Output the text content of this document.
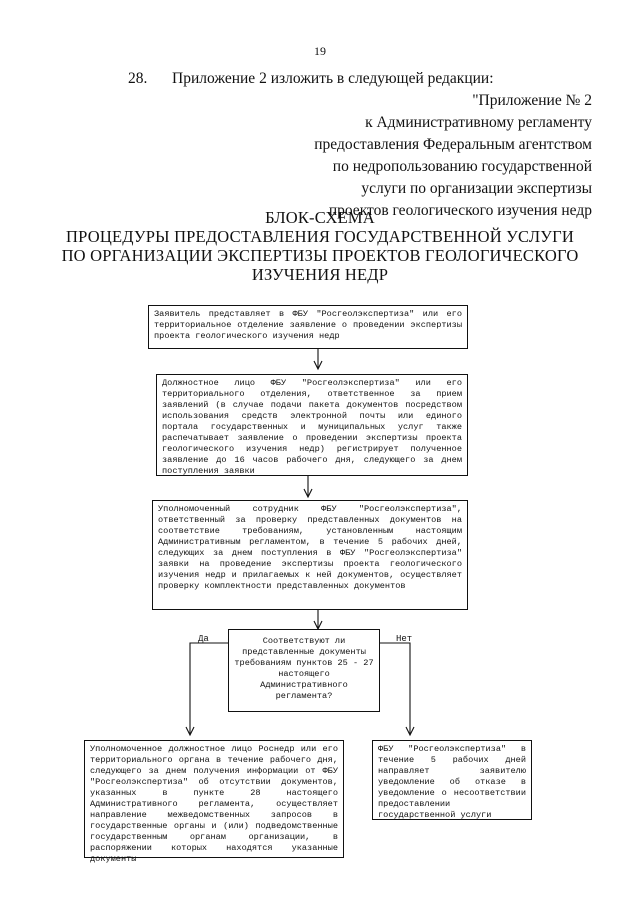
19
28. Приложение 2 изложить в следующей редакции:
"Приложение № 2
к Административному регламенту
предоставления Федеральным агентством
по недропользованию государственной
услуги по организации экспертизы
проектов геологического изучения недр
БЛОК-СХЕМА
ПРОЦЕДУРЫ ПРЕДОСТАВЛЕНИЯ ГОСУДАРСТВЕННОЙ УСЛУГИ
ПО ОРГАНИЗАЦИИ ЭКСПЕРТИЗЫ ПРОЕКТОВ ГЕОЛОГИЧЕСКОГО
ИЗУЧЕНИЯ НЕДР
Заявитель представляет в ФБУ "Росгеолэкспертиза" или его территориальное отделение заявление о проведении экспертизы проекта геологического изучения недр
Должностное лицо ФБУ "Росгеолэкспертиза" или его территориального отделения, ответственное за прием заявлений (в случае подачи пакета документов посредством использования средств электронной почты или единого портала государственных и муниципальных услуг также распечатывает заявление о проведении экспертизы проекта геологического изучения недр) регистрирует полученное заявление до 16 часов рабочего дня, следующего за днем поступления заявки
Уполномоченный сотрудник ФБУ "Росгеолэкспертиза", ответственный за проверку представленных документов на соответствие требованиям, установленным настоящим Административным регламентом, в течение 5 рабочих дней, следующих за днем поступления в ФБУ "Росгеолэкспертиза" заявки на проведение экспертизы проекта геологического изучения недр и прилагаемых к ней документов, осуществляет проверку комплектности представленных документов
Соответствуют ли представленные документы требованиям пунктов 25 - 27 настоящего Административного регламента?
Да	Нет
Уполномоченное должностное лицо Роснедр или его территориального органа в течение рабочего дня, следующего за днем получения информации от ФБУ "Росгеолэкспертиза" об отсутствии документов, указанных в пункте 28 настоящего Административного регламента, осуществляет направление межведомственных запросов в государственные органы и (или) подведомственные государственным органам организации, в распоряжении которых находятся указанные документы
ФБУ "Росгеолэкспертиза" в течение 5 рабочих дней направляет заявителю уведомление об отказе в уведомление о несоответствии предоставлении государственной услуги
